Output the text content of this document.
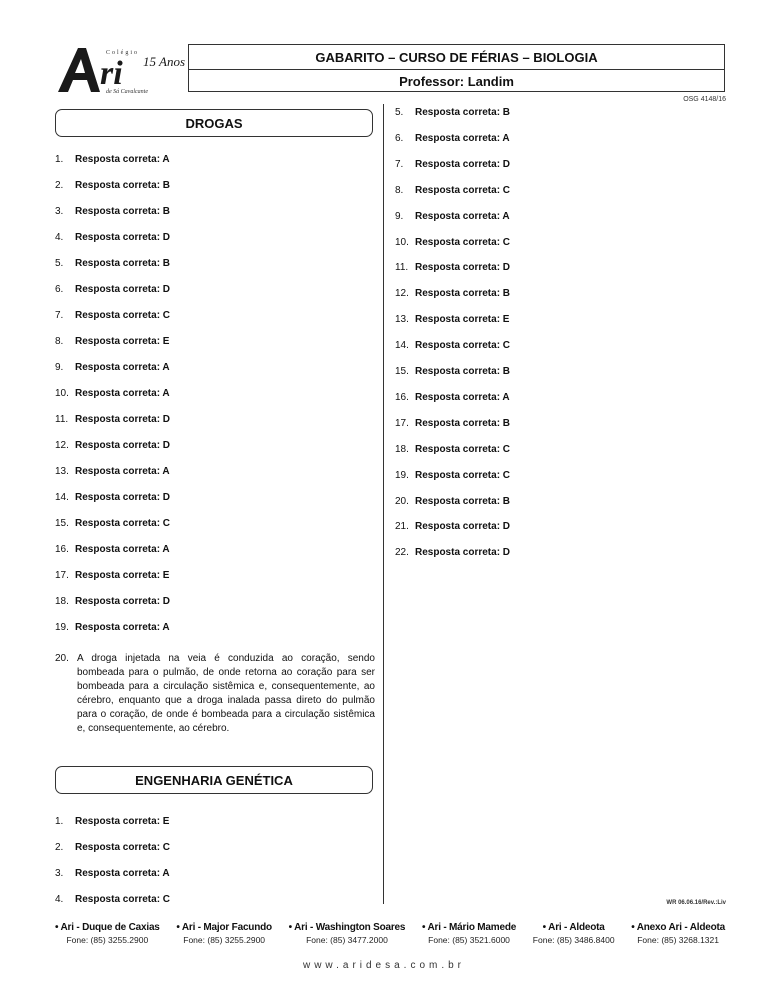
ri
Colégio
15 Anos
de Sá Cavalcante
GABARITO – CURSO DE FÉRIAS – BIOLOGIA
Professor: Landim
OSG 4148/16
DROGAS
1. Resposta correta: A
2. Resposta correta: B
3. Resposta correta: B
4. Resposta correta: D
5. Resposta correta: B
6. Resposta correta: D
7. Resposta correta: C
8. Resposta correta: E
9. Resposta correta: A
10. Resposta correta: A
11. Resposta correta: D
12. Resposta correta: D
13. Resposta correta: A
14. Resposta correta: D
15. Resposta correta: C
16. Resposta correta: A
17. Resposta correta: E
18. Resposta correta: D
19. Resposta correta: A
20. A droga injetada na veia é conduzida ao coração, sendo bombeada para o pulmão, de onde retorna ao coração para ser bombeada para a circulação sistêmica e, consequentemente, ao cérebro, enquanto que a droga inalada passa direto do pulmão para o coração, de onde é bombeada para a circulação sistêmica e, consequentemente, ao cérebro.
ENGENHARIA GENÉTICA
1. Resposta correta: E
2. Resposta correta: C
3. Resposta correta: A
4. Resposta correta: C
5. Resposta correta: B
6. Resposta correta: A
7. Resposta correta: D
8. Resposta correta: C
9. Resposta correta: A
10. Resposta correta: C
11. Resposta correta: D
12. Resposta correta: B
13. Resposta correta: E
14. Resposta correta: C
15. Resposta correta: B
16. Resposta correta: A
17. Resposta correta: B
18. Resposta correta: C
19. Resposta correta: C
20. Resposta correta: B
21. Resposta correta: D
22. Resposta correta: D
WR 06.06.16/Rev.:Liv
• Ari - Duque de Caxias
Fone: (85) 3255.2900
• Ari - Major Facundo
Fone: (85) 3255.2900
• Ari - Washington Soares
Fone: (85) 3477.2000
• Ari - Mário Mamede
Fone: (85) 3521.6000
• Ari - Aldeota
Fone: (85) 3486.8400
• Anexo Ari - Aldeota
Fone: (85) 3268.1321
www.aridesa.com.br
